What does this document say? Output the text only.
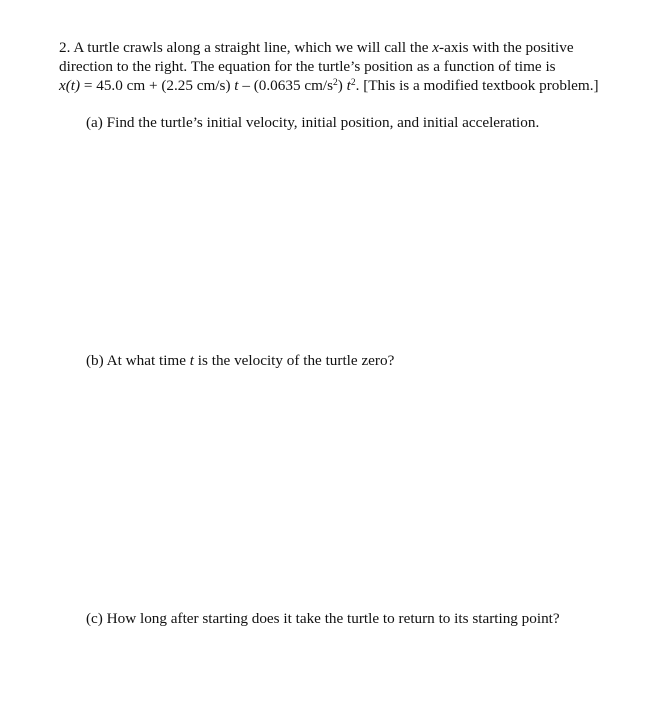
2. A turtle crawls along a straight line, which we will call the x-axis with the positive
direction to the right. The equation for the turtle’s position as a function of time is
x(t) = 45.0 cm + (2.25 cm/s) t – (0.0635 $cm/s^2$) $t^2$. [This is a modified textbook problem.]
(a) Find the turtle’s initial velocity, initial position, and initial acceleration.
(b) At what time t is the velocity of the turtle zero?
(c) How long after starting does it take the turtle to return to its starting point?
